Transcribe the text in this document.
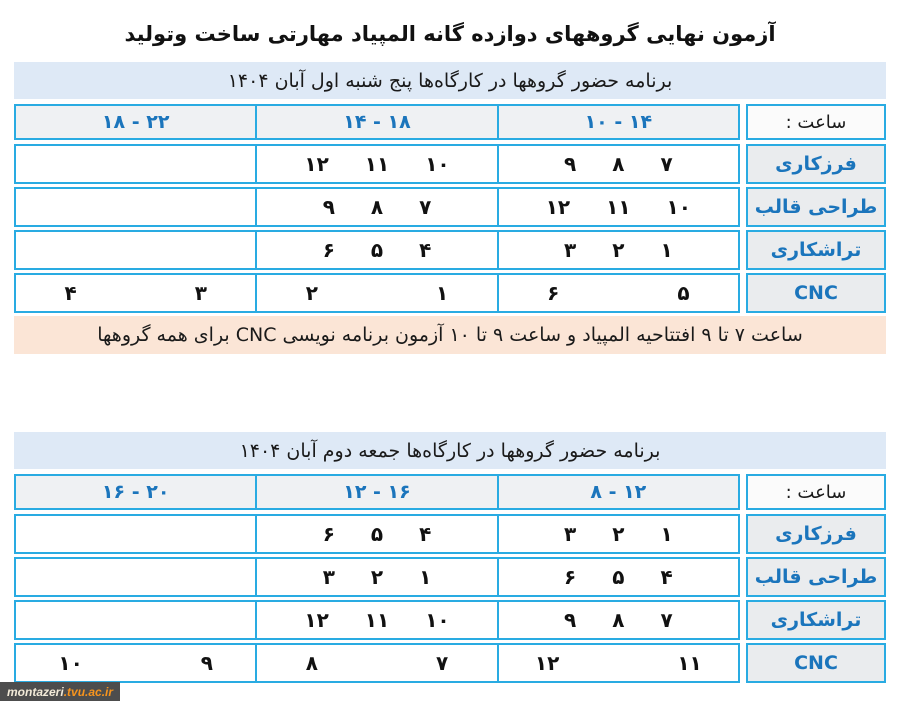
آزمون نهایی گروههای دوازده گانه المپیاد مهارتی ساخت وتولید
برنامه حضور گروهها در کارگاه‌ها پنج شنبه اول آبان ۱۴۰۴
ساعت :
۱۰ - ۱۴
۱۴ - ۱۸
۱۸ - ۲۲
فرزکاری
۷
۸
۹
۱۰
۱۱
۱۲
طراحی قالب
۱۰
۱۱
۱۲
۷
۸
۹
تراشکاری
۱
۲
۳
۴
۵
۶
CNC
۵
۶
۱
۲
۳
۴
ساعت ۷ تا ۹ افتتاحیه المپیاد و ساعت ۹ تا ۱۰ آزمون برنامه نویسی CNC برای همه گروهها
برنامه حضور گروهها در کارگاه‌ها جمعه دوم آبان ۱۴۰۴
ساعت :
۸ - ۱۲
۱۲ - ۱۶
۱۶ - ۲۰
فرزکاری
۱
۲
۳
۴
۵
۶
طراحی قالب
۴
۵
۶
۱
۲
۳
تراشکاری
۷
۸
۹
۱۰
۱۱
۱۲
CNC
۱۱
۱۲
۷
۸
۹
۱۰
montazeri .tvu.ac.ir
